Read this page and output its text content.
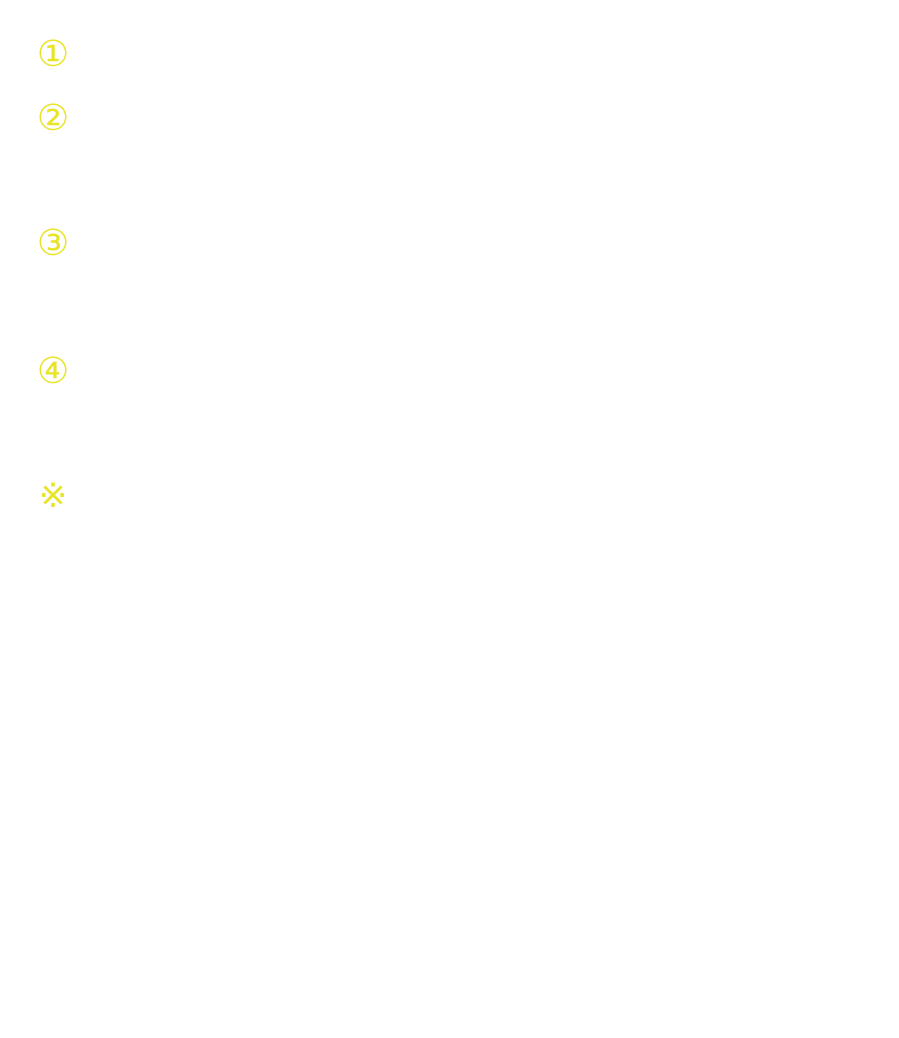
①
②
③
④
※
